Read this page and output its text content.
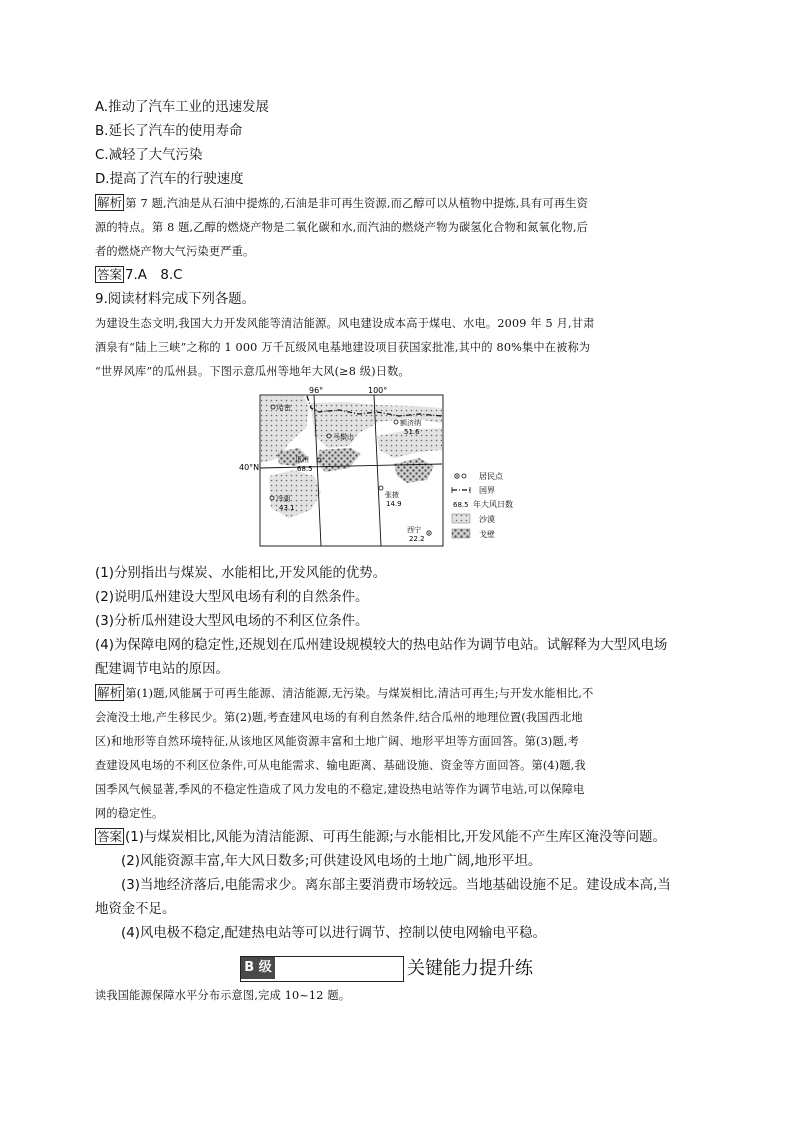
A.推动了汽车工业的迅速发展
B.延长了汽车的使用寿命
C.减轻了大气污染
D.提高了汽车的行驶速度
解析 第 7 题,汽油是从石油中提炼的,石油是非可再生资源,而乙醇可以从植物中提炼,具有可再生资
源的特点。第 8 题,乙醇的燃烧产物是二氧化碳和水,而汽油的燃烧产物为碳氢化合物和氮氧化物,后
者的燃烧产物大气污染更严重。
答案 7.A　8.C
9.阅读材料完成下列各题。
为建设生态文明,我国大力开发风能等清洁能源。风电建设成本高于煤电、水电。2009 年 5 月,甘肃
酒泉有“陆上三峡”之称的 1 000 万千瓦级风电基地建设项目获国家批准,其中的 80%集中在被称为
“世界风库”的瓜州县。下图示意瓜州等地年大风(≥8 级)日数。
96°	100°
40°N
哈密
额济纳
51.6
马鬃山
瓜州
68.5
冷湖
43.1
张掖
14.9
西宁
22.2
居民点
国界
68.5 年大风日数
沙漠
戈壁
(1)分别指出与煤炭、水能相比,开发风能的优势。
(2)说明瓜州建设大型风电场有利的自然条件。
(3)分析瓜州建设大型风电场的不利区位条件。
(4)为保障电网的稳定性,还规划在瓜州建设规模较大的热电站作为调节电站。试解释为大型风电场
配建调节电站的原因。
解析 第(1)题,风能属于可再生能源、清洁能源,无污染。与煤炭相比,清洁可再生;与开发水能相比,不
会淹没土地,产生移民少。第(2)题,考查建风电场的有利自然条件,结合瓜州的地理位置(我国西北地
区)和地形等自然环境特征,从该地区风能资源丰富和土地广阔、地形平坦等方面回答。第(3)题,考
查建设风电场的不利区位条件,可从电能需求、输电距离、基础设施、资金等方面回答。第(4)题,我
国季风气候显著,季风的不稳定性造成了风力发电的不稳定,建设热电站等作为调节电站,可以保障电
网的稳定性。
答案 (1)与煤炭相比,风能为清洁能源、可再生能源;与水能相比,开发风能不产生库区淹没等问题。
(2)风能资源丰富,年大风日数多;可供建设风电场的土地广阔,地形平坦。
(3)当地经济落后,电能需求少。离东部主要消费市场较远。当地基础设施不足。建设成本高,当
地资金不足。
(4)风电极不稳定,配建热电站等可以进行调节、控制以使电网输电平稳。
B 级	关键能力提升练
读我国能源保障水平分布示意图,完成 10~12 题。
